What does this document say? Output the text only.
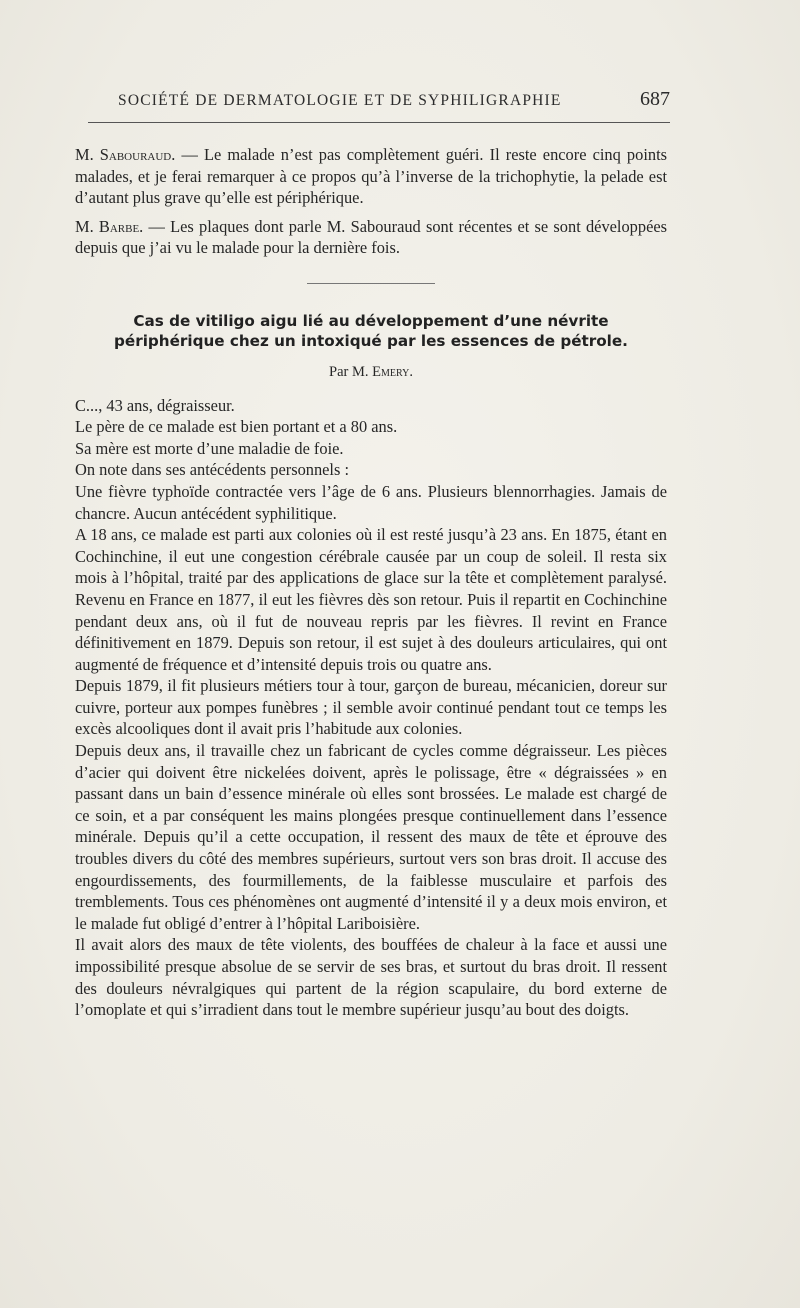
SOCIÉTÉ DE DERMATOLOGIE ET DE SYPHILIGRAPHIE	687

M. Sabouraud. — Le malade n’est pas complètement guéri. Il reste encore cinq points malades, et je ferai remarquer à ce propos qu’à l’inverse de la trichophytie, la pelade est d’autant plus grave qu’elle est périphérique.

M. Barbe. — Les plaques dont parle M. Sabouraud sont récentes et se sont développées depuis que j’ai vu le malade pour la dernière fois.

Cas de vitiligo aigu lié au développement d’une névrite périphérique chez un intoxiqué par les essences de pétrole.

Par M. Emery.

C..., 43 ans, dégraisseur.

Le père de ce malade est bien portant et a 80 ans.

Sa mère est morte d’une maladie de foie.

On note dans ses antécédents personnels :

Une fièvre typhoïde contractée vers l’âge de 6 ans. Plusieurs blennorrhagies. Jamais de chancre. Aucun antécédent syphilitique.

A 18 ans, ce malade est parti aux colonies où il est resté jusqu’à 23 ans. En 1875, étant en Cochinchine, il eut une congestion cérébrale causée par un coup de soleil. Il resta six mois à l’hôpital, traité par des applications de glace sur la tête et complètement paralysé. Revenu en France en 1877, il eut les fièvres dès son retour. Puis il repartit en Cochinchine pendant deux ans, où il fut de nouveau repris par les fièvres. Il revint en France définitivement en 1879. Depuis son retour, il est sujet à des douleurs articulaires, qui ont augmenté de fréquence et d’intensité depuis trois ou quatre ans.

Depuis 1879, il fit plusieurs métiers tour à tour, garçon de bureau, mécanicien, doreur sur cuivre, porteur aux pompes funèbres ; il semble avoir continué pendant tout ce temps les excès alcooliques dont il avait pris l’habitude aux colonies.

Depuis deux ans, il travaille chez un fabricant de cycles comme dégraisseur. Les pièces d’acier qui doivent être nickelées doivent, après le polissage, être « dégraissées » en passant dans un bain d’essence minérale où elles sont brossées. Le malade est chargé de ce soin, et a par conséquent les mains plongées presque continuellement dans l’essence minérale. Depuis qu’il a cette occupation, il ressent des maux de tête et éprouve des troubles divers du côté des membres supérieurs, surtout vers son bras droit. Il accuse des engourdissements, des fourmillements, de la faiblesse musculaire et parfois des tremblements. Tous ces phénomènes ont augmenté d’intensité il y a deux mois environ, et le malade fut obligé d’entrer à l’hôpital Lariboisière.

Il avait alors des maux de tête violents, des bouffées de chaleur à la face et aussi une impossibilité presque absolue de se servir de ses bras, et surtout du bras droit. Il ressent des douleurs névralgiques qui partent de la région scapulaire, du bord externe de l’omoplate et qui s’irradient dans tout le membre supérieur jusqu’au bout des doigts.
